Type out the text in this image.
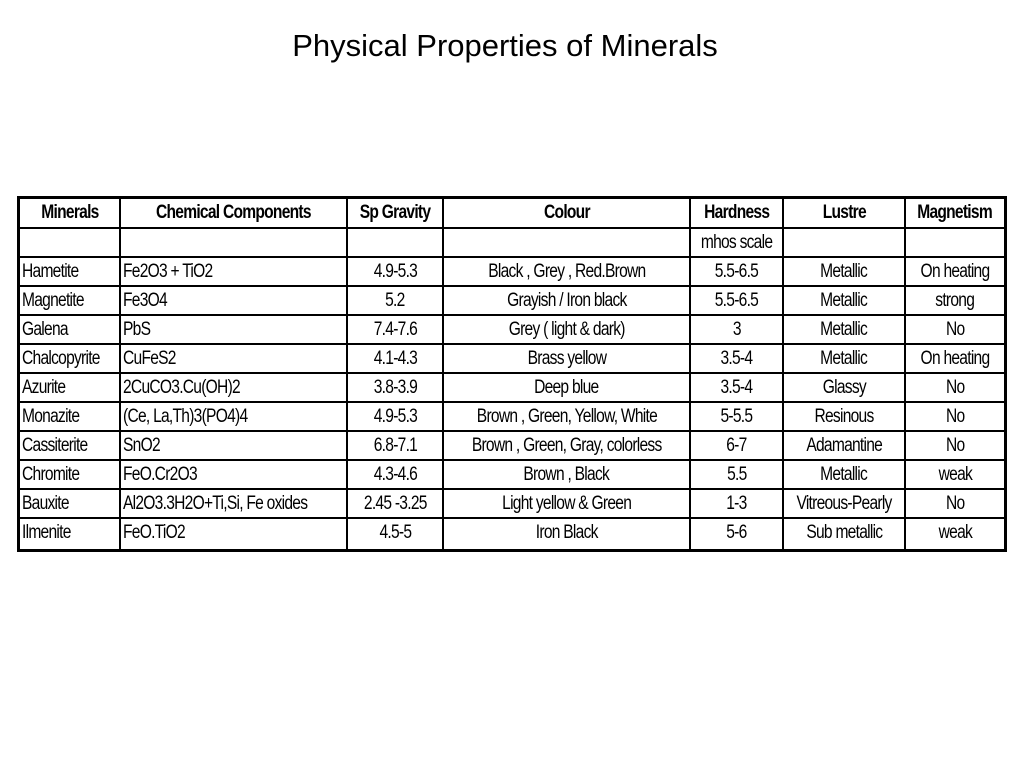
Physical Properties of Minerals
Minerals	Chemical Components	Sp Gravity	Colour	Hardness	Lustre	Magnetism
				mhos scale		
Hametite	Fe2O3 + TiO2	4.9-5.3	Black , Grey , Red.Brown	5.5-6.5	Metallic	On heating
Magnetite	Fe3O4	5.2	Grayish / Iron black	5.5-6.5	Metallic	strong
Galena	PbS	7.4-7.6	Grey ( light & dark)	3	Metallic	No
Chalcopyrite	CuFeS2	4.1-4.3	Brass yellow	3.5-4	Metallic	On heating
Azurite	2CuCO3.Cu(OH)2	3.8-3.9	Deep blue	3.5-4	Glassy	No
Monazite	(Ce, La,Th)3(PO4)4	4.9-5.3	Brown , Green, Yellow, White	5-5.5	Resinous	No
Cassiterite	SnO2	6.8-7.1	Brown , Green, Gray, colorless	6-7	Adamantine	No
Chromite	FeO.Cr2O3	4.3-4.6	Brown , Black	5.5	Metallic	weak
Bauxite	Al2O3.3H2O+Ti,Si, Fe oxides	2.45 -3.25	Light yellow & Green	1-3	Vitreous-Pearly	No
Ilmenite	FeO.TiO2	4.5-5	Iron Black	5-6	Sub metallic	weak
